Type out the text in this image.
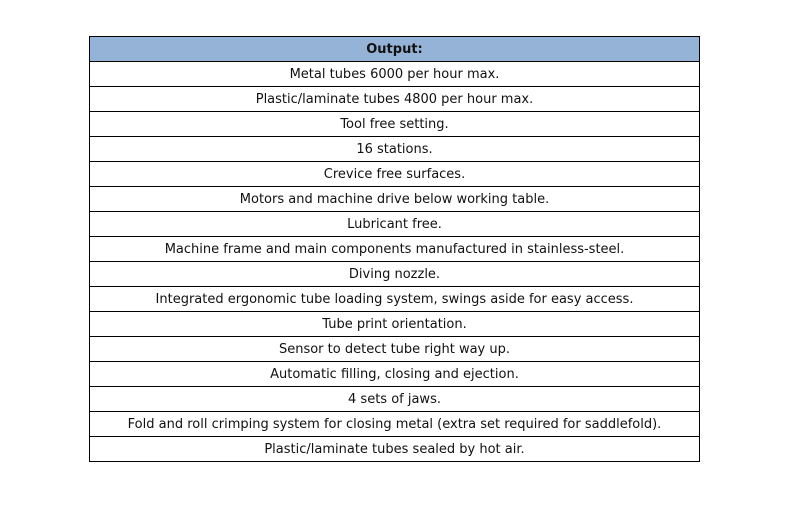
Output:
Metal tubes 6000 per hour max.
Plastic/laminate tubes 4800 per hour max.
Tool free setting.
16 stations.
Crevice free surfaces.
Motors and machine drive below working table.
Lubricant free.
Machine frame and main components manufactured in stainless-steel.
Diving nozzle.
Integrated ergonomic tube loading system, swings aside for easy access.
Tube print orientation.
Sensor to detect tube right way up.
Automatic filling, closing and ejection.
4 sets of jaws.
Fold and roll crimping system for closing metal (extra set required for saddlefold).
Plastic/laminate tubes sealed by hot air.
